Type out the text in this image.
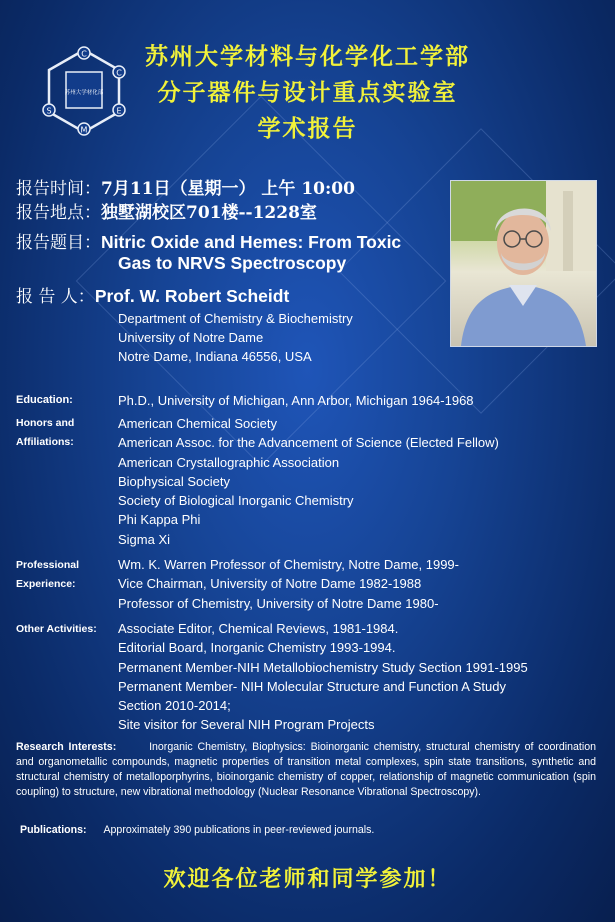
C
C
E
M
S
苏州大学材化部
苏州大学材料与化学化工学部
分子器件与设计重点实验室
学术报告
报告时间：7月11日（星期一） 上午 10:00
报告地点：独墅湖校区701楼--1228室
报告题目：Nitric Oxide and Hemes: From Toxic
Gas to NRVS Spectroscopy
报 告 人：Prof. W. Robert Scheidt
Department of Chemistry & Biochemistry
University of Notre Dame
Notre Dame, Indiana 46556, USA
Education:	Ph.D., University of Michigan, Ann Arbor, Michigan 1964-1968
Honors and
Affiliations:
American Chemical Society
American Assoc. for the Advancement of Science (Elected Fellow)
American Crystallographic Association
Biophysical Society
Society of Biological Inorganic Chemistry
Phi Kappa Phi
Sigma Xi
Professional
Experience:
Wm. K. Warren Professor of Chemistry, Notre Dame, 1999-
Vice Chairman, University of Notre Dame 1982-1988
Professor of Chemistry, University of Notre Dame 1980-
Other Activities: Associate Editor, Chemical Reviews, 1981-1984.
Editorial Board, Inorganic Chemistry 1993-1994.
Permanent Member-NIH Metallobiochemistry Study Section 1991-1995
Permanent Member- NIH Molecular Structure and Function A Study
Section 2010-2014;
Site visitor for Several NIH Program Projects
Research Interests:	Inorganic Chemistry, Biophysics: Bioinorganic chemistry, structural chemistry of coordination and organometallic compounds, magnetic properties of transition metal complexes, spin state transitions, synthetic and structural chemistry of metalloporphyrins, bioinorganic chemistry of copper, relationship of magnetic communication (spin coupling) to structure, new vibrational methodology (Nuclear Resonance Vibrational Spectroscopy).
Publications: Approximately 390 publications in peer-reviewed journals.
欢迎各位老师和同学参加！
